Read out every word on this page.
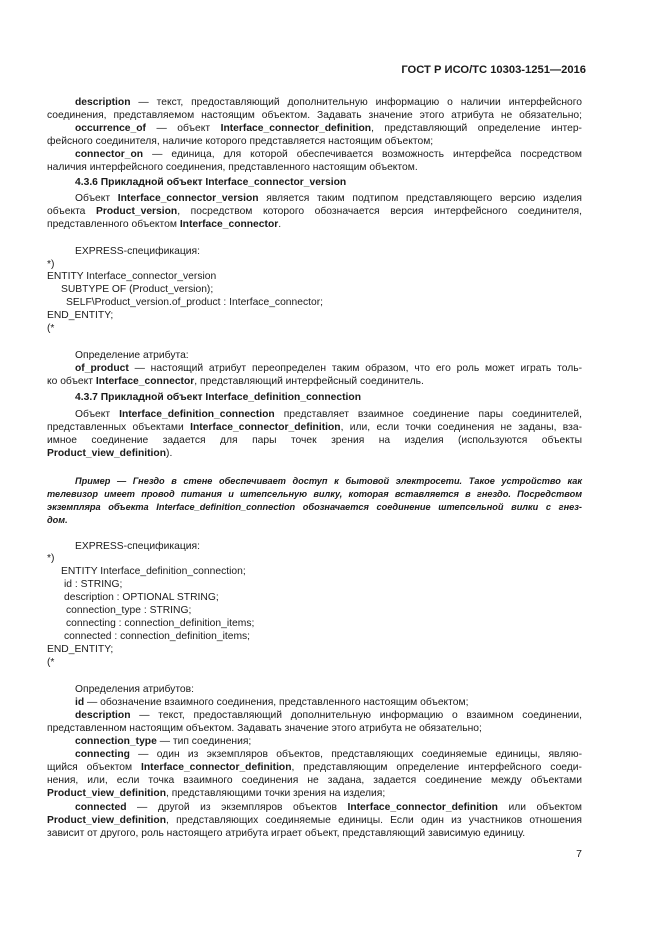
ГОСТ Р ИСО/ТС 10303-1251—2016
description — текст, предоставляющий дополнительную информацию о наличии интерфейсного
соединения, представляемом настоящим объектом. Задавать значение этого атрибута не обязательно;
occurrence_of — объект Interface_connector_definition, представляющий определение интер-
фейсного соединителя, наличие которого представляется настоящим объектом;
connector_on — единица, для которой обеспечивается возможность интерфейса посредством
наличия интерфейсного соединения, представленного настоящим объектом.
4.3.6 Прикладной объект Interface_connector_version
Объект Interface_connector_version является таким подтипом представляющего версию изделия
объекта Product_version, посредством которого обозначается версия интерфейсного соединителя,
представленного объектом Interface_connector.
EXPRESS-спецификация:
*)
ENTITY Interface_connector_version
SUBTYPE OF (Product_version);
SELF\Product_version.of_product : Interface_connector;
END_ENTITY;
(*
Определение атрибута:
of_product — настоящий атрибут переопределен таким образом, что его роль может играть толь-
ко объект Interface_connector, представляющий интерфейсный соединитель.
4.3.7 Прикладной объект Interface_definition_connection
Объект Interface_definition_connection представляет взаимное соединение пары соединителей,
представленных объектами Interface_connector_definition, или, если точки соединения не заданы, вза-
имное соединение задается для пары точек зрения на изделия (используются объекты
Product_view_definition).
Пример — Гнездо в стене обеспечивает доступ к бытовой электросети. Такое устройство как
телевизор имеет провод питания и штепсельную вилку, которая вставляется в гнездо. Посредством
экземпляра объекта Interface_definition_connection обозначается соединение штепсельной вилки с гнез-
дом.
EXPRESS-спецификация:
*)
ENTITY Interface_definition_connection;
id : STRING;
description : OPTIONAL STRING;
connection_type : STRING;
connecting : connection_definition_items;
connected : connection_definition_items;
END_ENTITY;
(*
Определения атрибутов:
id — обозначение взаимного соединения, представленного настоящим объектом;
description — текст, предоставляющий дополнительную информацию о взаимном соединении,
представленном настоящим объектом. Задавать значение этого атрибута не обязательно;
connection_type — тип соединения;
connecting — один из экземпляров объектов, представляющих соединяемые единицы, являю-
щийся объектом Interface_connector_definition, представляющим определение интерфейсного соеди-
нения, или, если точка взаимного соединения не задана, задается соединение между объектами
Product_view_definition, представляющими точки зрения на изделия;
connected — другой из экземпляров объектов Interface_connector_definition или объектом
Product_view_definition, представляющих соединяемые единицы. Если один из участников отношения
зависит от другого, роль настоящего атрибута играет объект, представляющий зависимую единицу.
7
